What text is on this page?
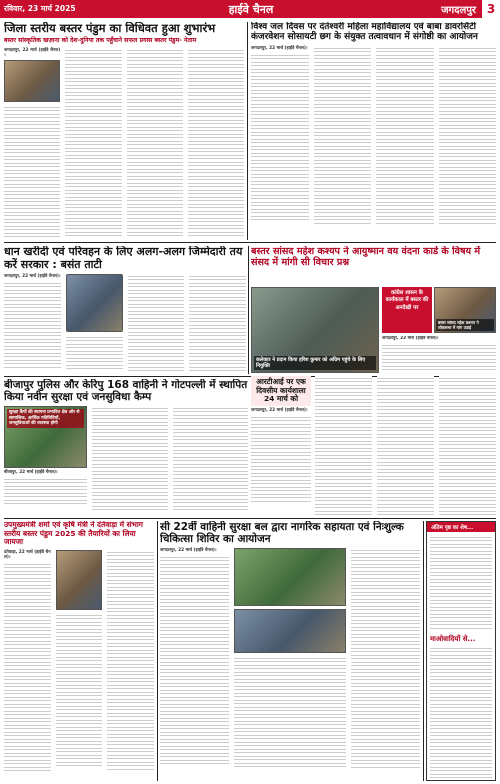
रविवार, 23 मार्च 2025	हाईवे चैनल	जगदलपुर 3
जिला स्तरीय बस्तर पंडुम का विधिवत हुआ शुभारंभ
बस्तर सांस्कृतिक खज़ाना को देश-दुनिया तक पहुँचाने सफल प्रयास बस्तर पंडुम- नेताम
जगदलपुर, 22 मार्च (हाईवे चैनल)।
विश्व जल दिवस पर दंतेश्वरी महिला महाविद्यालय एवं बाबा डावरसिंटी कंजरवेशन सोसायटी छग के संयुक्त तत्वावधान में संगोष्ठी का आयोजन
जगदलपुर, 22 मार्च (हाईवे चैनल)।
धान खरीदी एवं परिवहन के लिए अलग-अलग जिम्मेदारी तय करें सरकार : बसंत ताटी
जगदलपुर, 22 मार्च (हाईवे चैनल)।
बस्तर सांसद महेश कश्यप ने आयुष्मान वय वंदना कार्ड के विषय में संसद में मांगी सी विचार प्रश्न
कलेक्टर ने प्रदान किया हरिश कुमार को अग्रिम पहुंचे के लिए नियुक्ति
कांग्रेस शासन के कार्यकाल में बस्तर की अनदेखी पर
बस्तर सांसद महेश कश्यप ने लोकसभा में मांग उठाई
जगदलपुर, 22 मार्च (हाईवे चैनल)।
बीजापुर पुलिस और केरिपु 168 वाहिनी ने गोटपल्ली में स्थापित किया नवीन सुरक्षा एवं जनसुविधा कैम्प
सुरक्षा कैंपों की स्थापना प्रभावित क्षेत्र ओर से सामाजिक, आर्थिक गतिविधियों, जनसुविधाओं की व्यवस्था होगी
बीजापुर, 22 मार्च (हाईवे चैनल)।
आरटीआई पर एक दिवसीय कार्यशाला 24 मार्च को
जगदलपुर, 22 मार्च (हाईवे चैनल)।
उपमुख्यमंत्री शर्मा एवं कृषि मंत्री ने दंतेवाड़ा में संभाग स्तरीय बस्तर पंडुम 2025 की तैयारियों का लिया जायजा
दंतेवाड़ा, 22 मार्च (हाईवे चैनल)।
सी 22वीं वाहिनी सुरक्षा बल द्वारा नागरिक सहायता एवं निःशुल्क चिकित्सा शिविर का आयोजन
जगदलपुर, 22 मार्च (हाईवे चैनल)।
अंतिम पृष्ठ का शेष...
माओवादियों से...
